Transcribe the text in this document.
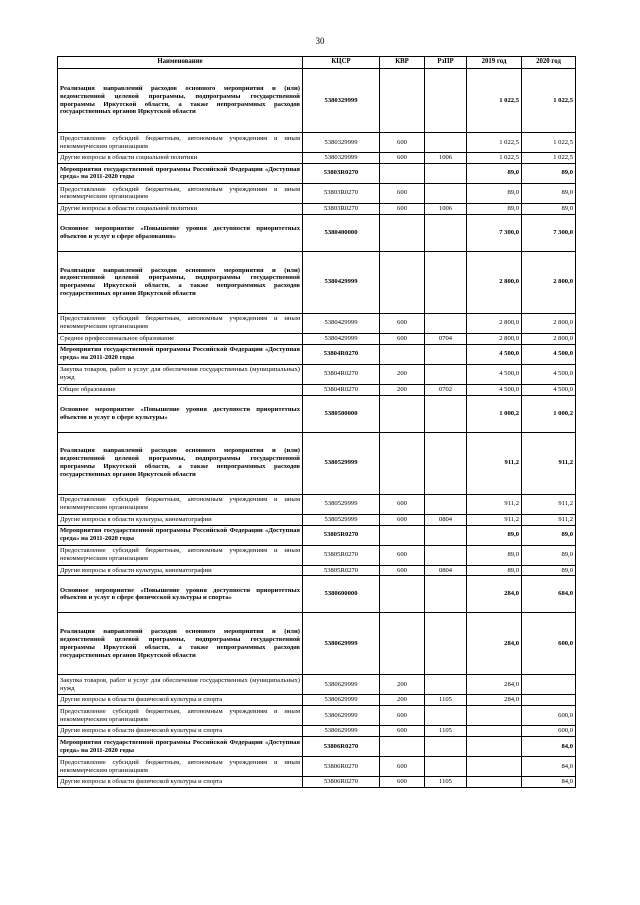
30
Наименование	КЦСР	КВР	РзПР	2019 год	2020 год
Реализация направлений расходов основного мероприятия и (или) ведомственной целевой программы, подпрограммы государственной программы Иркутской области, а также непрограммных расходов государственных органов Иркутской области	5380329999			1 022,5	1 022,5
Предоставление субсидий бюджетным, автономным учреждениям и иным некоммерческим организациям	5380329999	600		1 022,5	1 022,5
Другие вопросы в области социальной политики	5380329999	600	1006	1 022,5	1 022,5
Мероприятия государственной программы Российской Федерации «Доступная среда» на 2011-2020 годы	53803R0270			89,0	89,0
Предоставление субсидий бюджетным, автономным учреждениям и иным некоммерческим организациям	53803R0270	600		89,0	89,0
Другие вопросы в области социальной политики	53803R0270	600	1006	89,0	89,0
Основное мероприятие «Повышение уровня доступности приоритетных объектов и услуг в сфере образования»	5380400000			7 300,0	7 300,0
Реализация направлений расходов основного мероприятия и (или) ведомственной целевой программы, подпрограммы государственной программы Иркутской области, а также непрограммных расходов государственных органов Иркутской области	5380429999			2 800,0	2 800,0
Предоставление субсидий бюджетным, автономным учреждениям и иным некоммерческим организациям	5380429999	600		2 800,0	2 800,0
Среднее профессиональное образование	5380429999	600	0704	2 800,0	2 800,0
Мероприятия государственной программы Российской Федерации «Доступная среда» на 2011-2020 годы	53804R0270			4 500,0	4 500,0
Закупка товаров, работ и услуг для обеспечения государственных (муниципальных) нужд	53804R0270	200		4 500,0	4 500,0
Общее образование	53804R0270	200	0702	4 500,0	4 500,0
Основное мероприятие «Повышение уровня доступности приоритетных объектов и услуг в сфере культуры»	5380500000			1 000,2	1 000,2
Реализация направлений расходов основного мероприятия и (или) ведомственной целевой программы, подпрограммы государственной программы Иркутской области, а также непрограммных расходов государственных органов Иркутской области	5380529999			911,2	911,2
Предоставление субсидий бюджетным, автономным учреждениям и иным некоммерческим организациям	5380529999	600		911,2	911,2
Другие вопросы в области культуры, кинематографии	5380529999	600	0804	911,2	911,2
Мероприятия государственной программы Российской Федерации «Доступная среда» на 2011-2020 годы	53805R0270			89,0	89,0
Предоставление субсидий бюджетным, автономным учреждениям и иным некоммерческим организациям	53805R0270	600		89,0	89,0
Другие вопросы в области культуры, кинематографии	53805R0270	600	0804	89,0	89,0
Основное мероприятие «Повышение уровня доступности приоритетных объектов и услуг в сфере физической культуры и спорта»	5380600000			284,0	684,0
Реализация направлений расходов основного мероприятия и (или) ведомственной целевой программы, подпрограммы государственной программы Иркутской области, а также непрограммных расходов государственных органов Иркутской области	5380629999			284,0	600,0
Закупка товаров, работ и услуг для обеспечения государственных (муниципальных) нужд	5380629999	200		284,0	
Другие вопросы в области физической культуры и спорта	5380629999	200	1105	284,0	
Предоставление субсидий бюджетным, автономным учреждениям и иным некоммерческим организациям	5380629999	600			600,0
Другие вопросы в области физической культуры и спорта	5380629999	600	1105		600,0
Мероприятия государственной программы Российской Федерации «Доступная среда» на 2011-2020 годы	53806R0270				84,0
Предоставление субсидий бюджетным, автономным учреждениям и иным некоммерческим организациям	53806R0270	600			84,0
Другие вопросы в области физической культуры и спорта	53806R0270	600	1105		84,0
